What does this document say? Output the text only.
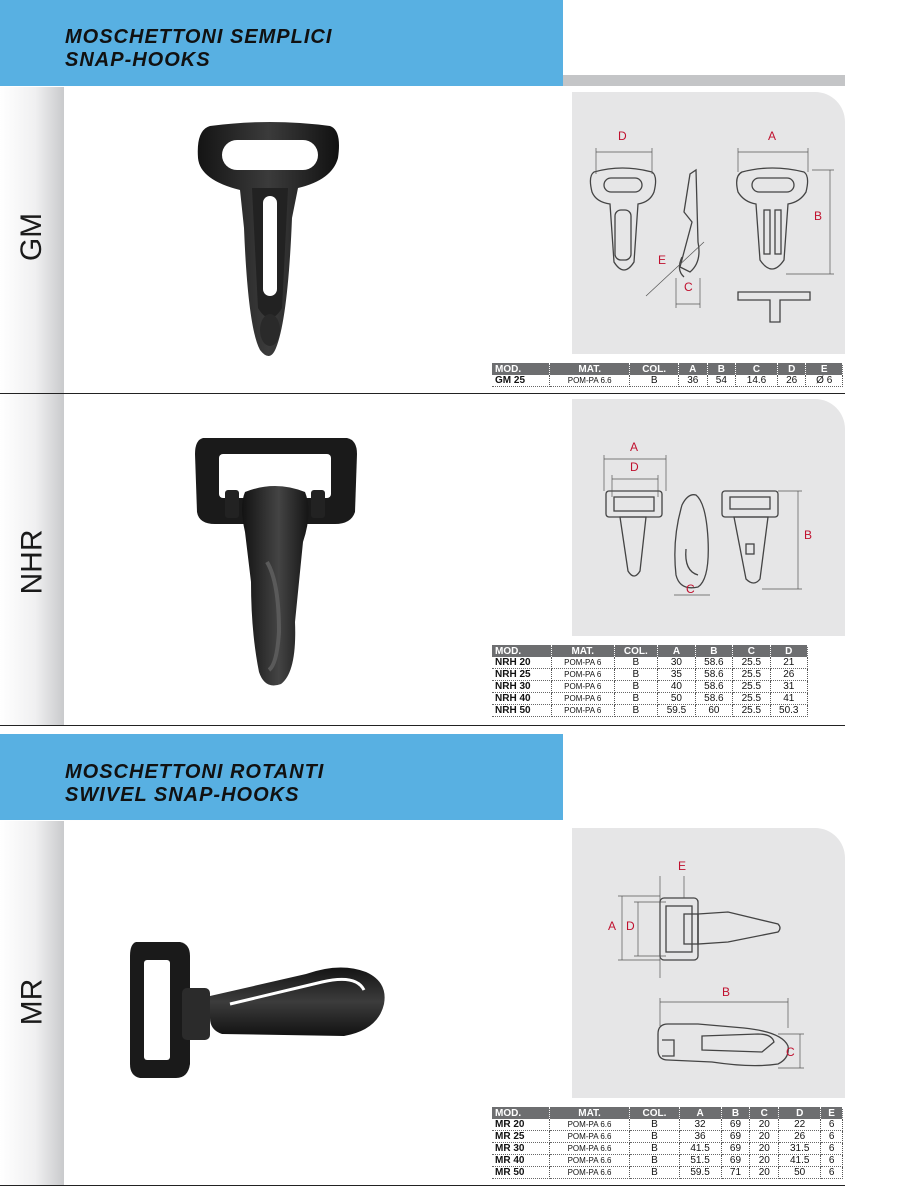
MOSCHETTONI SEMPLICI
SNAP-HOOKS
GM
D	A
B
C
E
MOD.	MAT.	COL.	A	B	C	D	E
GM 25	POM-PA 6.6	B	36	54	14.6	26	Ø 6
NHR
A
D
B
C
MOD.	MAT.	COL.	A	B	C	D
NRH 20	POM-PA 6	B	30	58.6	25.5	21
NRH 25	POM-PA 6	B	35	58.6	25.5	26
NRH 30	POM-PA 6	B	40	58.6	25.5	31
NRH 40	POM-PA 6	B	50	58.6	25.5	41
NRH 50	POM-PA 6	B	59.5	60	25.5	50.3
MOSCHETTONI ROTANTI
SWIVEL SNAP-HOOKS
MR
E
A D
B
C
MOD.	MAT.	COL.	A	B	C	D	E
MR 20	POM-PA 6.6	B	32	69	20	22	6
MR 25	POM-PA 6.6	B	36	69	20	26	6
MR 30	POM-PA 6.6	B	41.5	69	20	31.5	6
MR 40	POM-PA 6.6	B	51.5	69	20	41.5	6
MR 50	POM-PA 6.6	B	59.5	71	20	50	6
